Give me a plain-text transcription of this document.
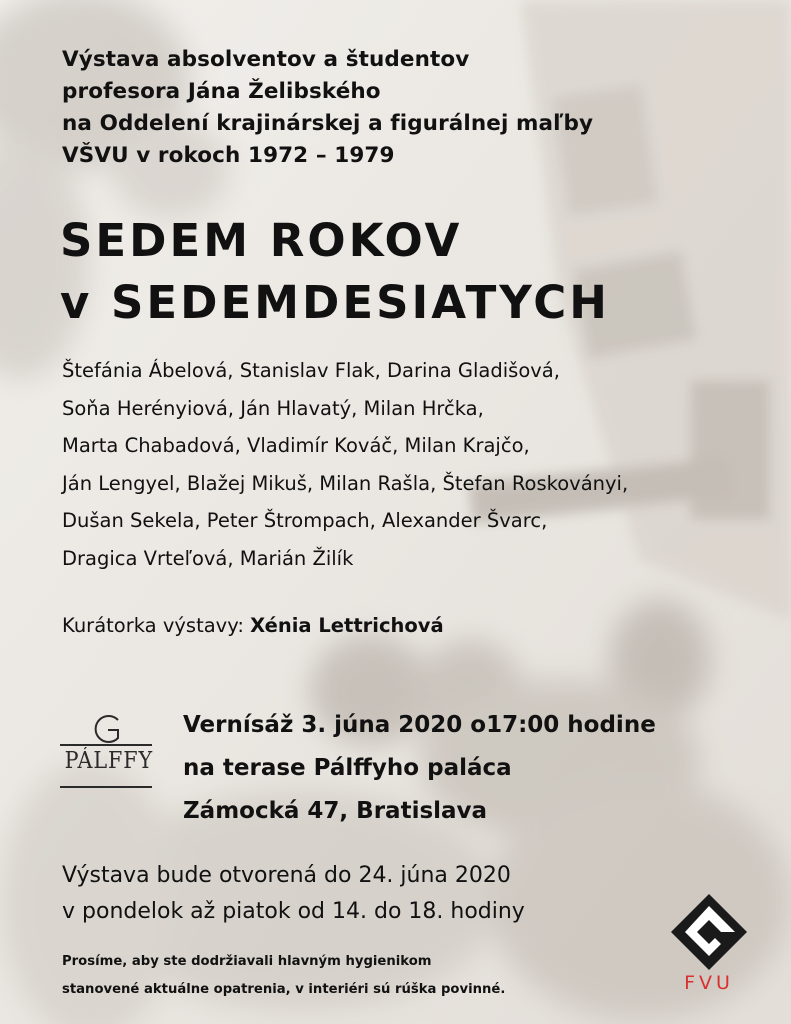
Výstava absolventov a študentov
profesora Jána Želibského
na Oddelení krajinárskej a figurálnej maľby
VŠVU v rokoch 1972 – 1979
SEDEM ROKOV
v SEDEMDESIATYCH
Štefánia Ábelová, Stanislav Flak, Darina Gladišová,
Soňa Herényiová, Ján Hlavatý, Milan Hrčka,
Marta Chabadová, Vladimír Kováč, Milan Krajčo,
Ján Lengyel, Blažej Mikuš, Milan Rašla, Štefan Roskoványi,
Dušan Sekela, Peter Štrompach, Alexander Švarc,
Dragica Vrteľová, Marián Žilík
Kurátorka výstavy: Xénia Lettrichová
PÁLFFY
Vernísáž 3. júna 2020 o17:00 hodine
na terase Pálffyho paláca
Zámocká 47, Bratislava
Výstava bude otvorená do 24. júna 2020
v pondelok až piatok od 14. do 18. hodiny
Prosíme, aby ste dodržiavali hlavným hygienikom
stanovené aktuálne opatrenia, v interiéri sú rúška povinné.	FVU
